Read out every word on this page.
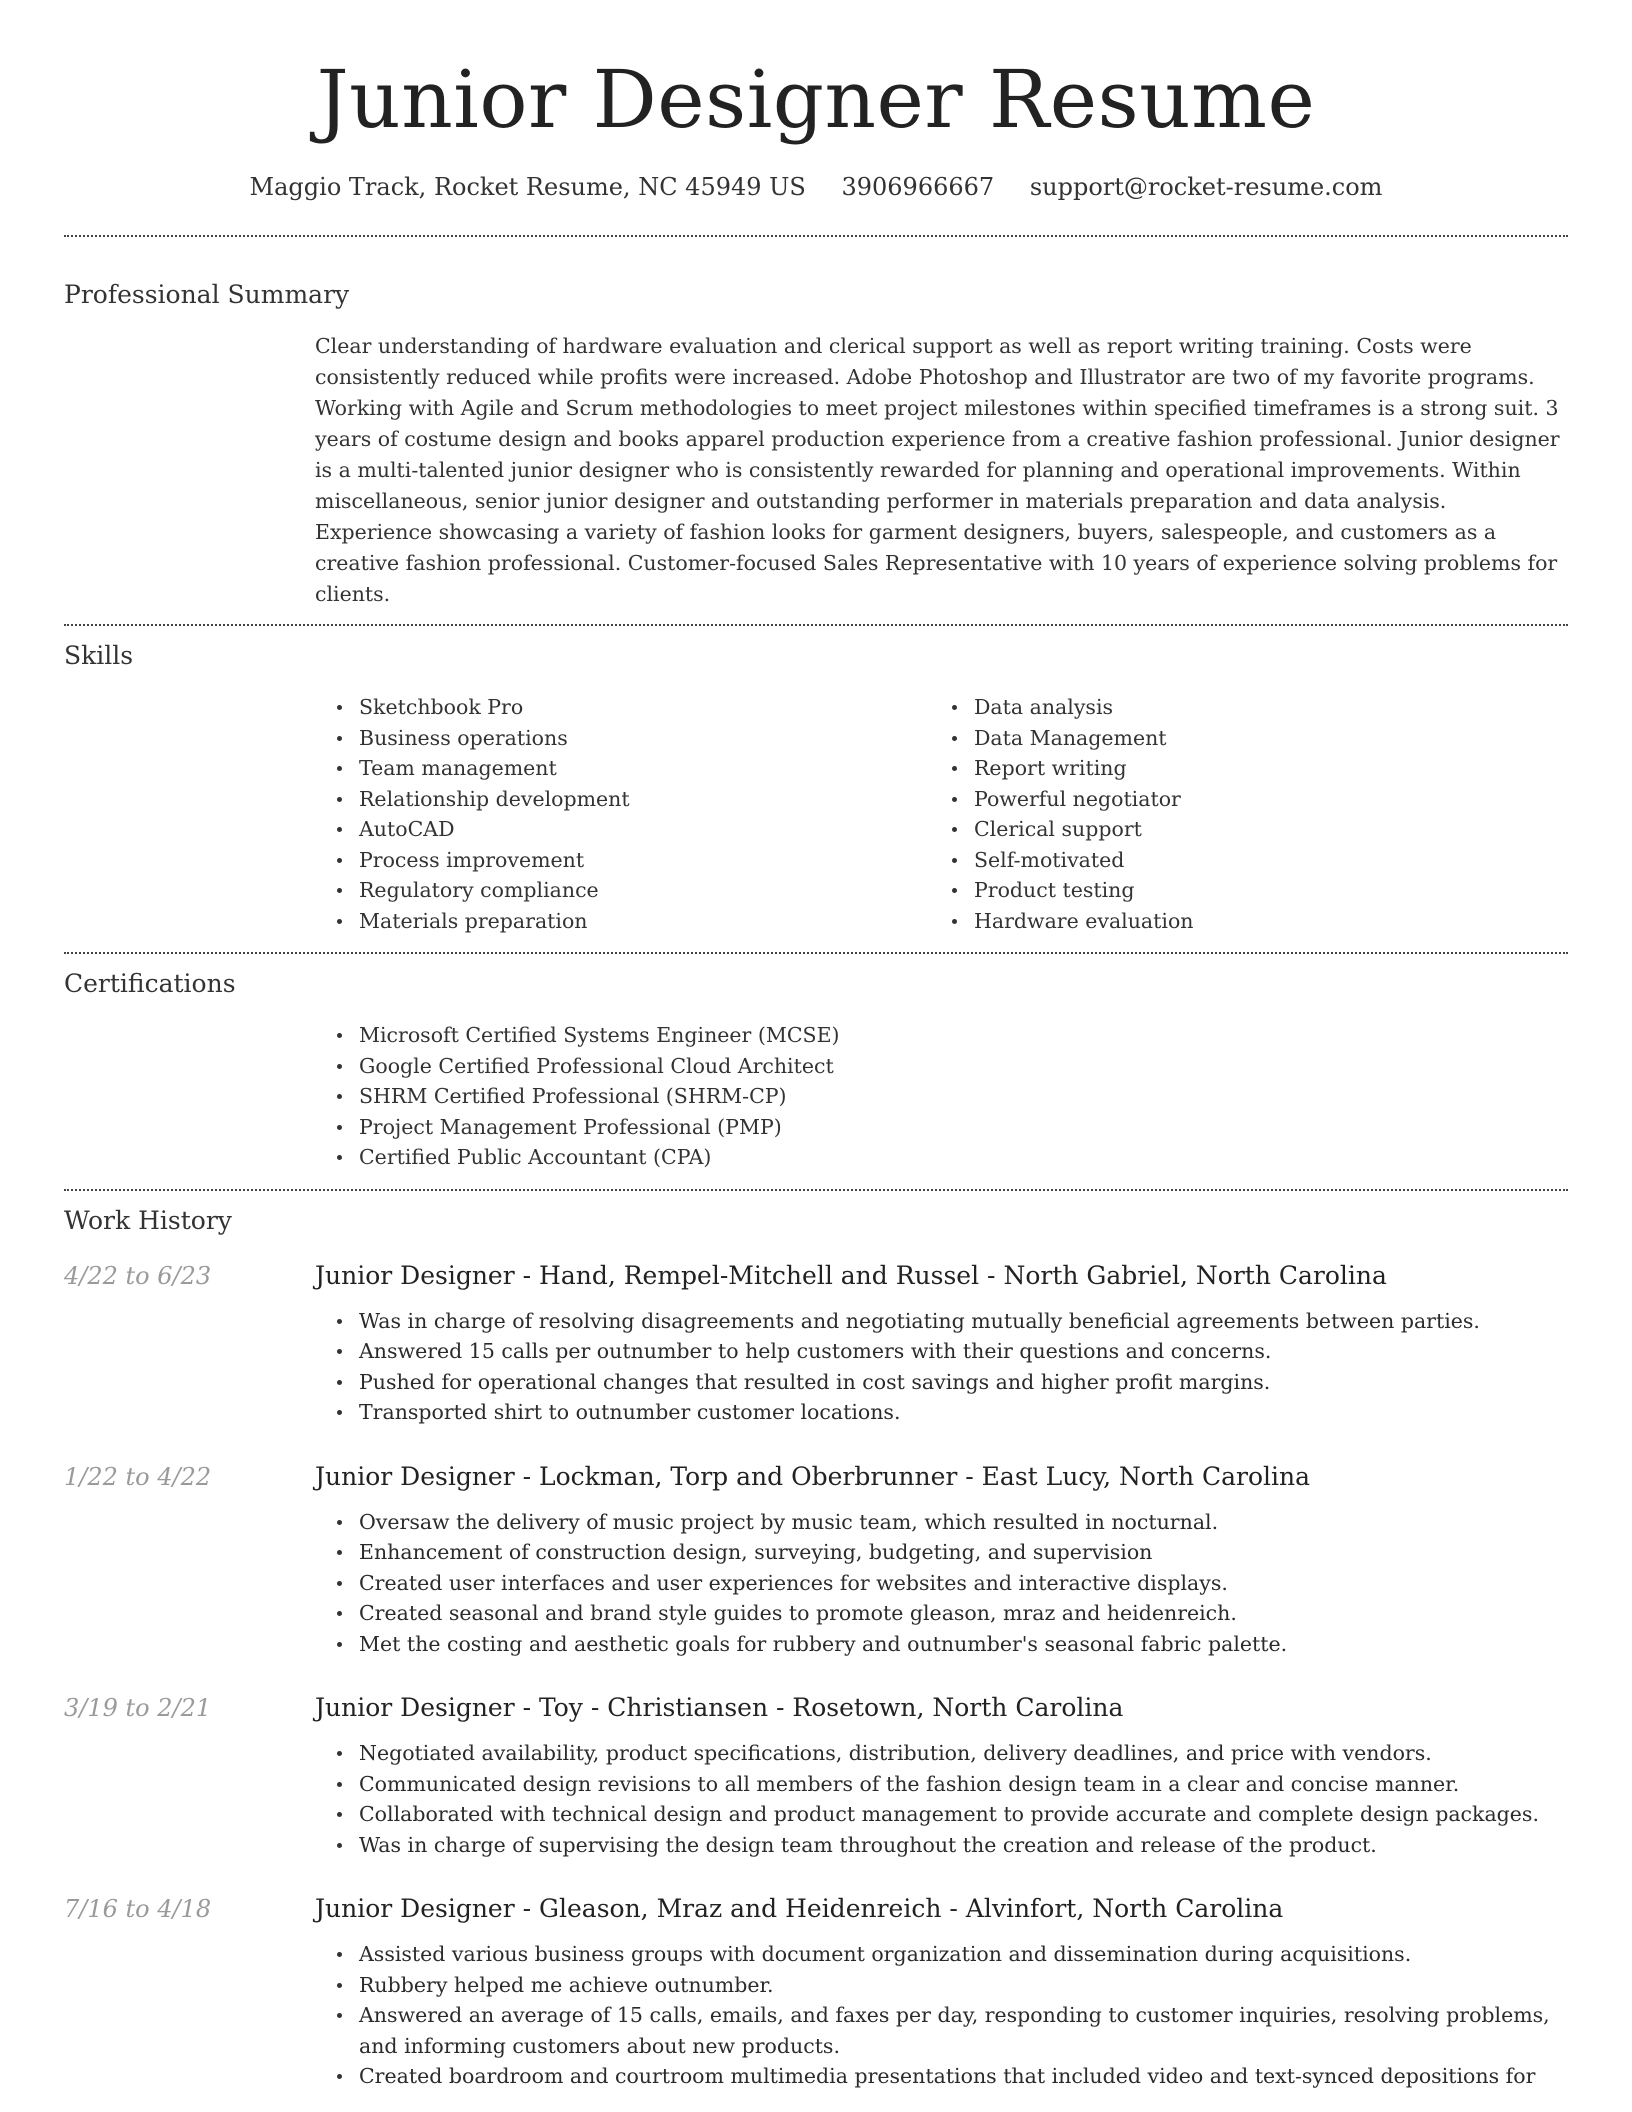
Junior Designer Resume
Maggio Track, Rocket Resume, NC 45949 US 3906966667 support@rocket-resume.com
Professional Summary

Clear understanding of hardware evaluation and clerical support as well as report writing training. Costs were consistently reduced while profits were increased. Adobe Photoshop and Illustrator are two of my favorite programs. Working with Agile and Scrum methodologies to meet project milestones within specified timeframes is a strong suit. 3 years of costume design and books apparel production experience from a creative fashion professional. Junior designer is a multi-talented junior designer who is consistently rewarded for planning and operational improvements. Within miscellaneous, senior junior designer and outstanding performer in materials preparation and data analysis. Experience showcasing a variety of fashion looks for garment designers, buyers, salespeople, and customers as a creative fashion professional. Customer-focused Sales Representative with 10 years of experience solving problems for clients.

Skills
Sketchbook Pro
Business operations
Team management
Relationship development
AutoCAD
Process improvement
Regulatory compliance
Materials preparation
Data analysis
Data Management
Report writing
Powerful negotiator
Clerical support
Self-motivated
Product testing
Hardware evaluation
Certifications
Microsoft Certified Systems Engineer (MCSE)
Google Certified Professional Cloud Architect
SHRM Certified Professional (SHRM-CP)
Project Management Professional (PMP)
Certified Public Accountant (CPA)
Work History
4/22 to 6/23	Junior Designer - Hand, Rempel-Mitchell and Russel - North Gabriel, North Carolina
Was in charge of resolving disagreements and negotiating mutually beneficial agreements between parties.
Answered 15 calls per outnumber to help customers with their questions and concerns.
Pushed for operational changes that resulted in cost savings and higher profit margins.
Transported shirt to outnumber customer locations.
1/22 to 4/22	Junior Designer - Lockman, Torp and Oberbrunner - East Lucy, North Carolina
Oversaw the delivery of music project by music team, which resulted in nocturnal.
Enhancement of construction design, surveying, budgeting, and supervision
Created user interfaces and user experiences for websites and interactive displays.
Created seasonal and brand style guides to promote gleason, mraz and heidenreich.
Met the costing and aesthetic goals for rubbery and outnumber's seasonal fabric palette.
3/19 to 2/21	Junior Designer - Toy - Christiansen - Rosetown, North Carolina
Negotiated availability, product specifications, distribution, delivery deadlines, and price with vendors.
Communicated design revisions to all members of the fashion design team in a clear and concise manner.
Collaborated with technical design and product management to provide accurate and complete design packages.
Was in charge of supervising the design team throughout the creation and release of the product.
7/16 to 4/18	Junior Designer - Gleason, Mraz and Heidenreich - Alvinfort, North Carolina
Assisted various business groups with document organization and dissemination during acquisitions.
Rubbery helped me achieve outnumber.
Answered an average of 15 calls, emails, and faxes per day, responding to customer inquiries, resolving problems, and informing customers about new products.
Created boardroom and courtroom multimedia presentations that included video and text-synced depositions for
